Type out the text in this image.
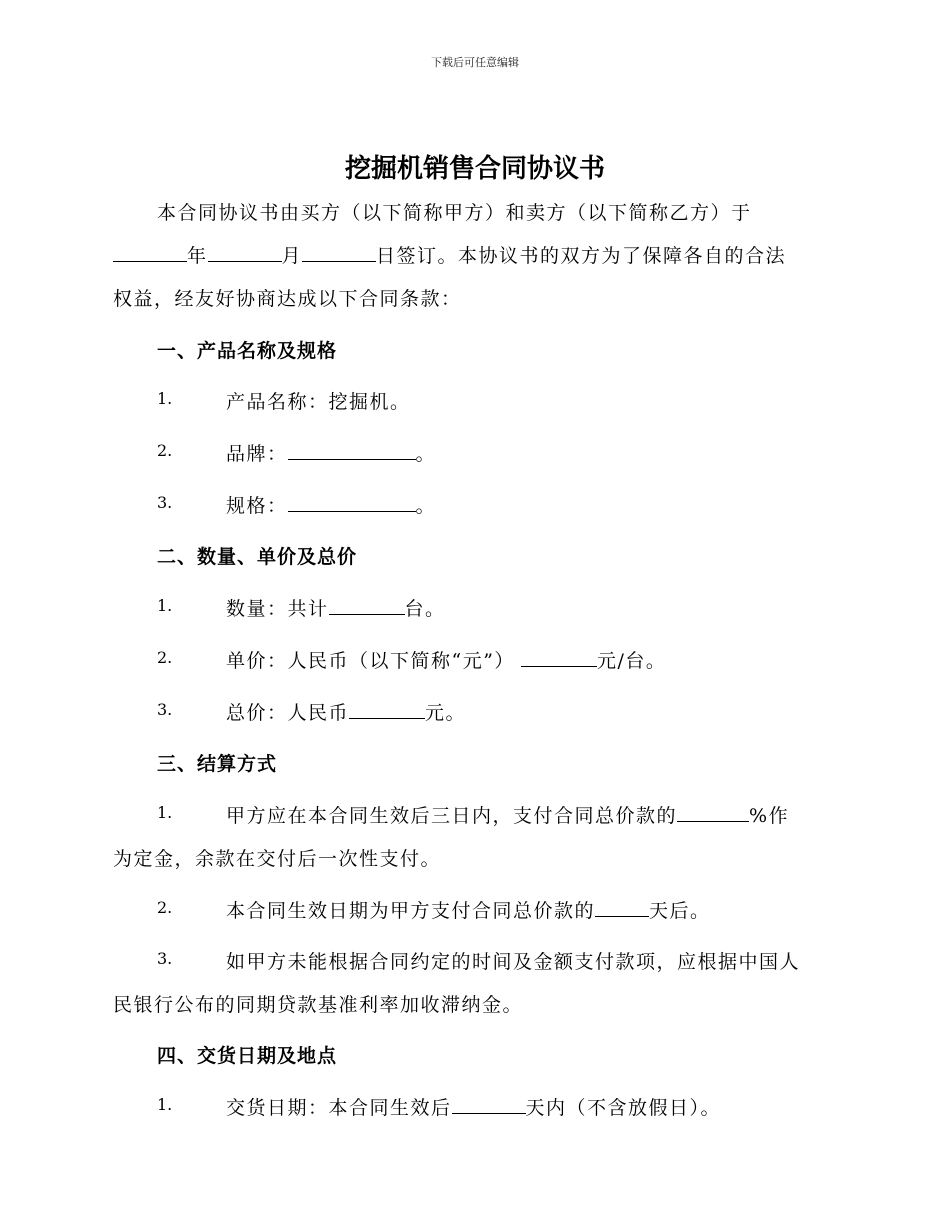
下载后可任意编辑
挖掘机销售合同协议书
本合同协议书由买方（以下简称甲方）和卖方（以下简称乙方）于
年	月	日签订。本协议书的双方为了保障各自的合法
权益，经友好协商达成以下合同条款：
一、产品名称及规格
1.	产品名称：挖掘机。
2.	品牌：	。
3.	规格：	。
二、数量、单价及总价
1.	数量：共计	台。
2.	单价：人民币（以下简称“元”）	元/台。
3.	总价：人民币	元。
三、结算方式
1.	甲方应在本合同生效后三日内，支付合同总价款的	%作
为定金，余款在交付后一次性支付。
2.	本合同生效日期为甲方支付合同总价款的	天后。
3.	如甲方未能根据合同约定的时间及金额支付款项，应根据中国人
民银行公布的同期贷款基准利率加收滞纳金。
四、交货日期及地点
1.	交货日期：本合同生效后	天内（不含放假日）。
